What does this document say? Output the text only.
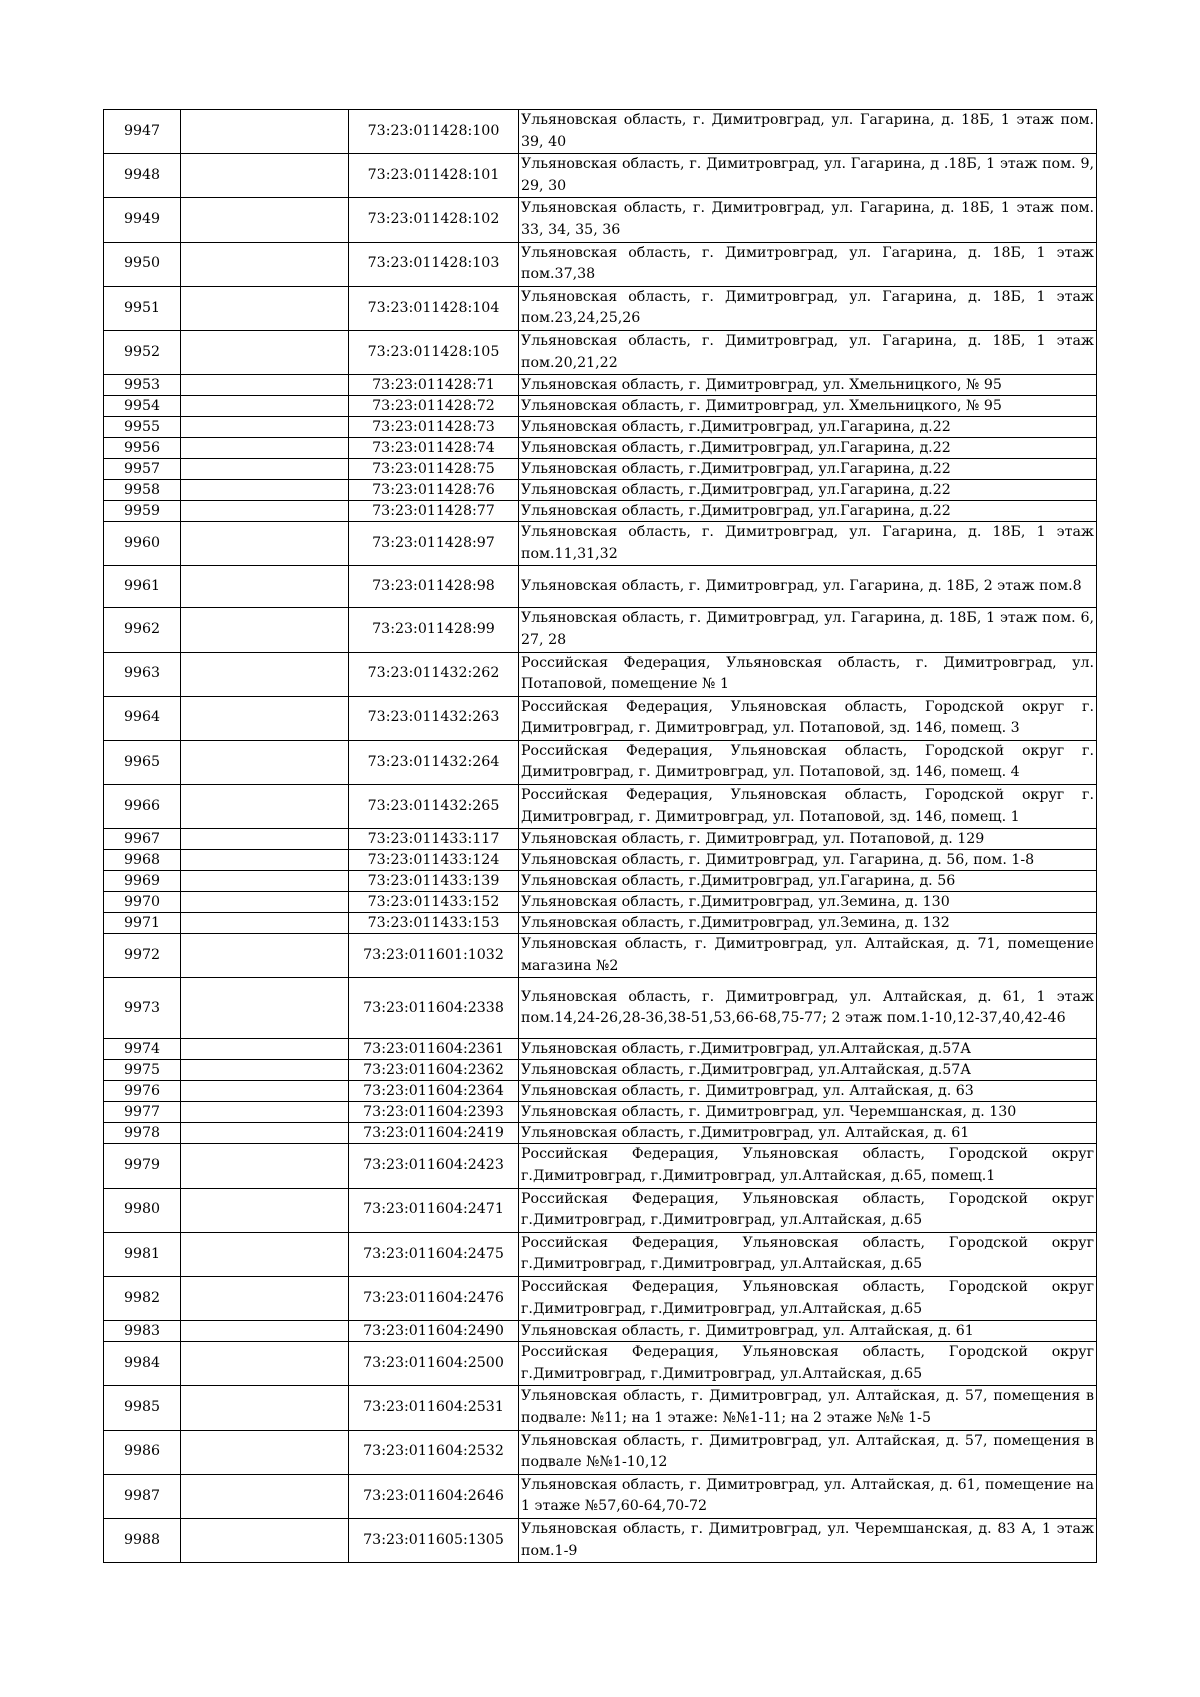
9947		73:23:011428:100	Ульяновская область, г. Димитровград, ул. Гагарина, д. 18Б, 1 этаж пом. 39, 40
9948		73:23:011428:101	Ульяновская область, г. Димитровград, ул. Гагарина, д .18Б, 1 этаж пом. 9, 29, 30
9949		73:23:011428:102	Ульяновская область, г. Димитровград, ул. Гагарина, д. 18Б, 1 этаж пом. 33, 34, 35, 36
9950		73:23:011428:103	Ульяновская область, г. Димитровград, ул. Гагарина, д. 18Б, 1 этаж пом.37,38
9951		73:23:011428:104	Ульяновская область, г. Димитровград, ул. Гагарина, д. 18Б, 1 этаж пом.23,24,25,26
9952		73:23:011428:105	Ульяновская область, г. Димитровград, ул. Гагарина, д. 18Б, 1 этаж пом.20,21,22
9953		73:23:011428:71	Ульяновская область, г. Димитровград, ул. Хмельницкого, № 95
9954		73:23:011428:72	Ульяновская область, г. Димитровград, ул. Хмельницкого, № 95
9955		73:23:011428:73	Ульяновская область, г.Димитровград, ул.Гагарина, д.22
9956		73:23:011428:74	Ульяновская область, г.Димитровград, ул.Гагарина, д.22
9957		73:23:011428:75	Ульяновская область, г.Димитровград, ул.Гагарина, д.22
9958		73:23:011428:76	Ульяновская область, г.Димитровград, ул.Гагарина, д.22
9959		73:23:011428:77	Ульяновская область, г.Димитровград, ул.Гагарина, д.22
9960		73:23:011428:97	Ульяновская область, г. Димитровград, ул. Гагарина, д. 18Б, 1 этаж пом.11,31,32
9961		73:23:011428:98	Ульяновская область, г. Димитровград, ул. Гагарина, д. 18Б, 2 этаж пом.8
9962		73:23:011428:99	Ульяновская область, г. Димитровград, ул. Гагарина, д. 18Б, 1 этаж пом. 6, 27, 28
9963		73:23:011432:262	Российская Федерация, Ульяновская область, г. Димитровград, ул. Потаповой, помещение № 1
9964		73:23:011432:263	Российская Федерация, Ульяновская область, Городской округ г. Димитровград, г. Димитровград, ул. Потаповой, зд. 146, помещ. 3
9965		73:23:011432:264	Российская Федерация, Ульяновская область, Городской округ г. Димитровград, г. Димитровград, ул. Потаповой, зд. 146, помещ. 4
9966		73:23:011432:265	Российская Федерация, Ульяновская область, Городской округ г. Димитровград, г. Димитровград, ул. Потаповой, зд. 146, помещ. 1
9967		73:23:011433:117	Ульяновская область, г. Димитровград, ул. Потаповой, д. 129
9968		73:23:011433:124	Ульяновская область, г. Димитровград, ул. Гагарина, д. 56, пом. 1-8
9969		73:23:011433:139	Ульяновская область, г.Димитровград, ул.Гагарина, д. 56
9970		73:23:011433:152	Ульяновская область, г.Димитровград, ул.Земина, д. 130
9971		73:23:011433:153	Ульяновская область, г.Димитровград, ул.Земина, д. 132
9972		73:23:011601:1032	Ульяновская область, г. Димитровград, ул. Алтайская, д. 71, помещение магазина №2
9973		73:23:011604:2338	Ульяновская область, г. Димитровград, ул. Алтайская, д. 61, 1 этаж пом.14,24-26,28-36,38-51,53,66-68,75-77; 2 этаж пом.1-10,12-37,40,42-46
9974		73:23:011604:2361	Ульяновская область, г.Димитровград, ул.Алтайская, д.57А
9975		73:23:011604:2362	Ульяновская область, г.Димитровград, ул.Алтайская, д.57А
9976		73:23:011604:2364	Ульяновская область, г. Димитровград, ул. Алтайская, д. 63
9977		73:23:011604:2393	Ульяновская область, г. Димитровград, ул. Черемшанская, д. 130
9978		73:23:011604:2419	Ульяновская область, г.Димитровград, ул. Алтайская, д. 61
9979		73:23:011604:2423	Российская Федерация, Ульяновская область, Городской округ г.Димитровград, г.Димитровград, ул.Алтайская, д.65, помещ.1
9980		73:23:011604:2471	Российская Федерация, Ульяновская область, Городской округ г.Димитровград, г.Димитровград, ул.Алтайская, д.65
9981		73:23:011604:2475	Российская Федерация, Ульяновская область, Городской округ г.Димитровград, г.Димитровград, ул.Алтайская, д.65
9982		73:23:011604:2476	Российская Федерация, Ульяновская область, Городской округ г.Димитровград, г.Димитровград, ул.Алтайская, д.65
9983		73:23:011604:2490	Ульяновская область, г. Димитровград, ул. Алтайская, д. 61
9984		73:23:011604:2500	Российская Федерация, Ульяновская область, Городской округ г.Димитровград, г.Димитровград, ул.Алтайская, д.65
9985		73:23:011604:2531	Ульяновская область, г. Димитровград, ул. Алтайская, д. 57, помещения в подвале: №11; на 1 этаже: №№1-11; на 2 этаже №№ 1-5
9986		73:23:011604:2532	Ульяновская область, г. Димитровград, ул. Алтайская, д. 57, помещения в подвале №№1-10,12
9987		73:23:011604:2646	Ульяновская область, г. Димитровград, ул. Алтайская, д. 61, помещение на 1 этаже №57,60-64,70-72
9988		73:23:011605:1305	Ульяновская область, г. Димитровград, ул. Черемшанская, д. 83 А, 1 этаж пом.1-9
